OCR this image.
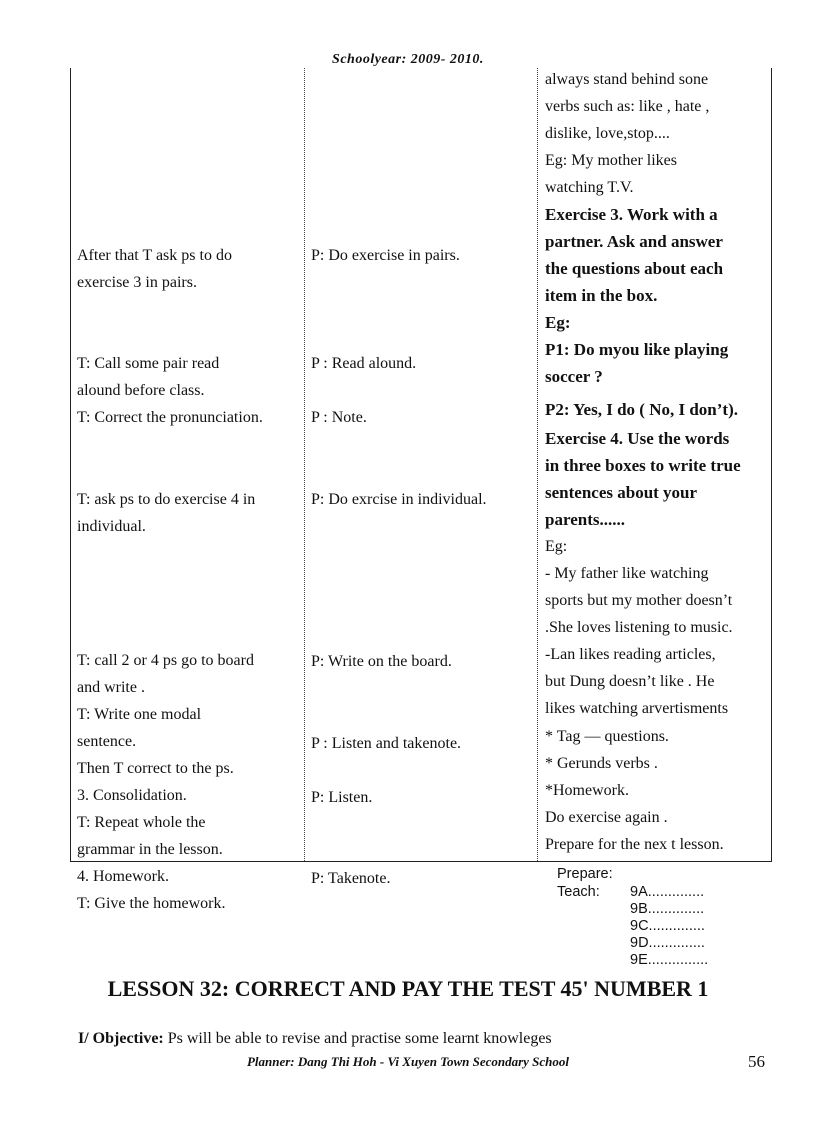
Schoolyear: 2009- 2010.
After that T ask ps to do
exercise 3 in pairs.
T: Call some pair read
alound before class.
T: Correct the pronunciation.
T: ask ps to do exercise 4 in
individual.
T: call 2 or 4 ps go to board
and write .
T: Write one modal
sentence.
Then T correct to the ps.
3. Consolidation.
T: Repeat whole the
grammar in the lesson.
4. Homework.
T: Give the homework.
P: Do exercise in pairs.
P : Read alound.
P : Note.
P: Do exrcise in individual.
P: Write on the board.
P : Listen and takenote.
P: Listen.
P: Takenote.
always stand behind sone
verbs such as: like , hate ,
dislike, love,stop....
Eg: My mother likes
watching T.V.
Exercise 3. Work with a
partner. Ask and answer
the questions about each
item in the box.
Eg:
P1: Do myou like playing
soccer ?
P2: Yes, I do ( No, I don’t).
Exercise 4. Use the words
in three boxes to write true
sentences about your
parents......
Eg:
- My father like watching
sports but my mother doesn’t
.She loves listening to music.
-Lan likes reading articles,
but Dung doesn’t like . He
likes watching arvertisments
* Tag — questions.
* Gerunds verbs .
*Homework.
Do exercise again .
Prepare for the nex t lesson.
Prepare:
Teach: 9A..............
9B..............
9C..............
9D..............
9E...............
LESSON 32: CORRECT AND PAY THE TEST 45' NUMBER 1
I/ Objective: Ps will be able to revise and practise some learnt knowleges
Planner: Dang Thi Hoh - Vi Xuyen Town Secondary School	56
